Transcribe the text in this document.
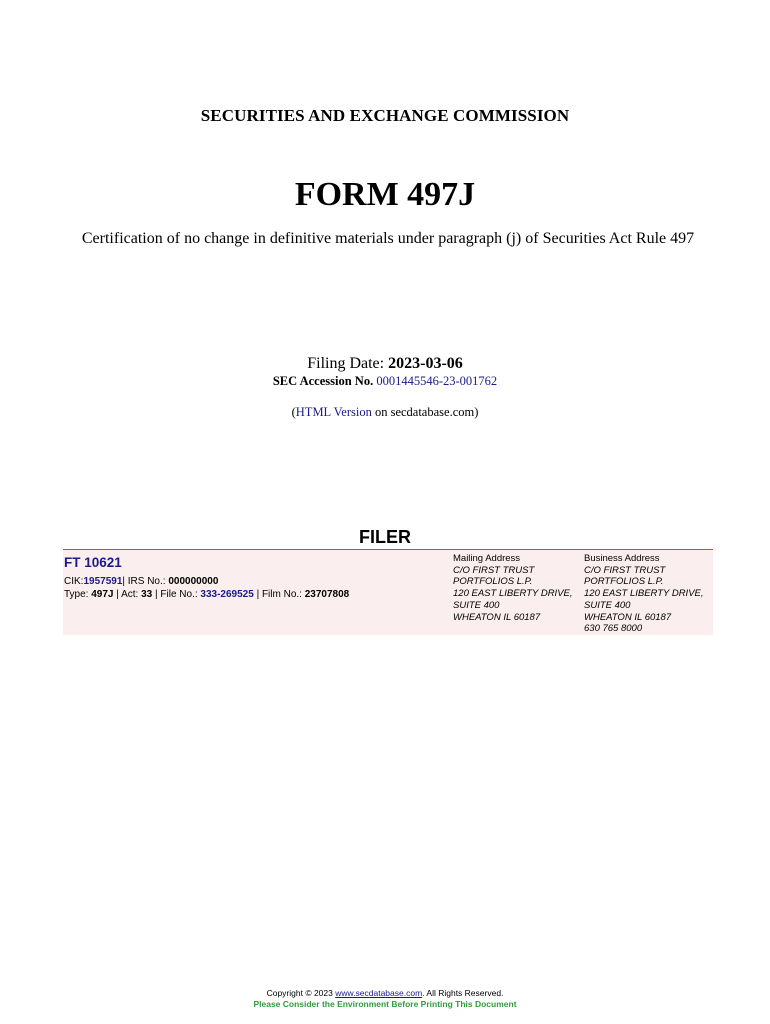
SECURITIES AND EXCHANGE COMMISSION
FORM 497J
Certification of no change in definitive materials under paragraph (j) of Securities Act Rule 497
Filing Date: 2023-03-06
SEC Accession No. 0001445546-23-001762
(HTML Version on secdatabase.com)
FILER
FT 10621
CIK:1957591| IRS No.: 000000000
Type: 497J | Act: 33 | File No.: 333-269525 | Film No.: 23707808
Mailing Address
C/O FIRST TRUST
PORTFOLIOS L.P.
120 EAST LIBERTY DRIVE,
SUITE 400
WHEATON IL 60187
Business Address
C/O FIRST TRUST
PORTFOLIOS L.P.
120 EAST LIBERTY DRIVE,
SUITE 400
WHEATON IL 60187
630 765 8000
Copyright © 2023 www.secdatabase.com. All Rights Reserved.
Please Consider the Environment Before Printing This Document
